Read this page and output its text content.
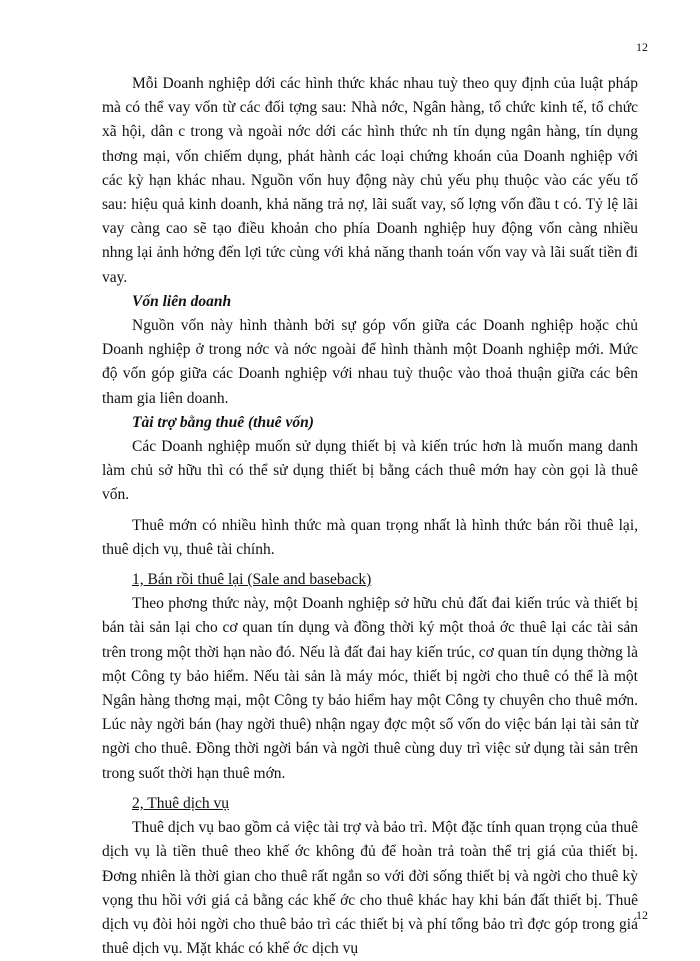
12

Mỗi Doanh nghiệp dới các hình thức khác nhau tuỳ theo quy định của luật pháp mà có thể vay vốn từ các đối tợng sau: Nhà nớc, Ngân hàng, tổ chức kinh tế, tổ chức xã hội, dân c trong và ngoài nớc dới các hình thức nh tín dụng ngân hàng, tín dụng thơng mại, vốn chiếm dụng, phát hành các loại chứng khoán của Doanh nghiệp với các kỳ hạn khác nhau. Nguồn vốn huy động này chủ yếu phụ thuộc vào các yếu tố sau: hiệu quả kinh doanh, khả năng trả nợ, lãi suất vay, số lợng vốn đầu t có. Tỷ lệ lãi vay càng cao sẽ tạo điều khoản cho phía Doanh nghiệp huy động vốn càng nhiều nhng lại ảnh hởng đến lợi tức cùng với khả năng thanh toán vốn vay và lãi suất tiền đi vay.

Vốn liên doanh

Nguồn vốn này hình thành bởi sự góp vốn giữa các Doanh nghiệp hoặc chủ Doanh nghiệp ở trong nớc và nớc ngoài để hình thành một Doanh nghiệp mới. Mức độ vốn góp giữa các Doanh nghiệp với nhau tuỳ thuộc vào thoả thuận giữa các bên tham gia liên doanh.

Tài trợ bằng thuê (thuê vốn)

Các Doanh nghiệp muốn sử dụng thiết bị và kiến trúc hơn là muốn mang danh làm chủ sở hữu thì có thể sử dụng thiết bị bằng cách thuê mớn hay còn gọi là thuê vốn.

Thuê mớn có nhiều hình thức mà quan trọng nhất là hình thức bán rồi thuê lại, thuê dịch vụ, thuê tài chính.

1, Bán rồi thuê lại (Sale and baseback)

Theo phơng thức này, một Doanh nghiệp sở hữu chủ đất đai kiến trúc và thiết bị bán tài sản lại cho cơ quan tín dụng và đồng thời ký một thoả ớc thuê lại các tài sản trên trong một thời hạn nào đó. Nếu là đất đai hay kiến trúc, cơ quan tín dụng thờng là một Công ty bảo hiểm. Nếu tài sản là máy móc, thiết bị ngời cho thuê có thể là một Ngân hàng thơng mại, một Công ty bảo hiểm hay một Công ty chuyên cho thuê mớn. Lúc này ngời bán (hay ngời thuê) nhận ngay đợc một số vốn do việc bán lại tài sản từ ngời cho thuê. Đồng thời ngời bán và ngời thuê cùng duy trì việc sử dụng tài sản trên trong suốt thời hạn thuê mớn.

2, Thuê dịch vụ

Thuê dịch vụ bao gồm cả việc tài trợ và bảo trì. Một đặc tính quan trọng của thuê dịch vụ là tiền thuê theo khế ớc không đủ để hoàn trả toàn thể trị giá của thiết bị. Đơng nhiên là thời gian cho thuê rất ngắn so với đời sống thiết bị và ngời cho thuê kỳ vọng thu hồi với giá cả bằng các khế ớc cho thuê khác hay khi bán đất thiết bị. Thuê dịch vụ đòi hỏi ngời cho thuê bảo trì các thiết bị và phí tổng bảo trì đợc góp trong giá thuê dịch vụ. Mặt khác có khế ớc dịch vụ

12
